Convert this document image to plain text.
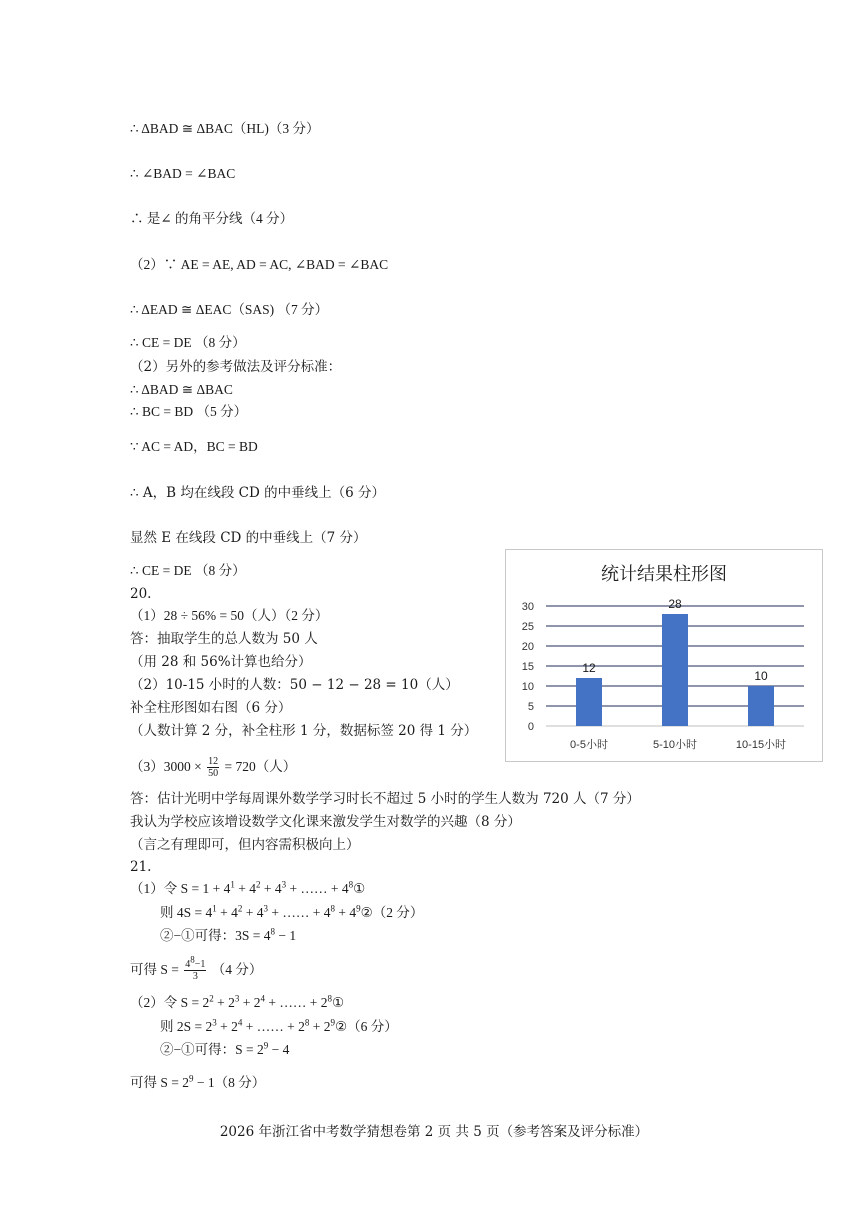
∴ ΔBAD ≅ ΔBAC（HL)（3 分）
∴ ∠BAD = ∠BAC
∴ 是∠ 的角平分线（4 分）
（2）∵ AE = AE, AD = AC, ∠BAD = ∠BAC
∴ ΔEAD ≅ ΔEAC（SAS) （7 分）
∴ CE = DE （8 分）
（2）另外的参考做法及评分标准：
∴ ΔBAD ≅ ΔBAC
∴ BC = BD （5 分）
∵ AC = AD，BC = BD
∴ A，B 均在线段 CD 的中垂线上（6 分）
显然 E 在线段 CD 的中垂线上（7 分）
∴ CE = DE （8 分）
20.
（1）28 ÷ 56% = 50（人）（2 分）
答：抽取学生的总人数为 50 人
（用 28 和 56%计算也给分）
（2）10-15 小时的人数：50 − 12 − 28 = 10（人）
补全柱形图如右图（6 分）
（人数计算 2 分，补全柱形 1 分，数据标签 20 得 1 分）
$(3)3000 \times \frac{12}{50} = 720$（人）
答：估计光明中学每周课外数学学习时长不超过 5 小时的学生人数为 720 人（7 分）
我认为学校应该增设数学文化课来激发学生对数学的兴趣（8 分）
（言之有理即可，但内容需积极向上）
21.
（1）令 $S = 1 + 4^1 + 4^2 + 4^3$ + …… + $4^8①$
则 $4S = 4^1 + 4^2 + 4^3$ + …… + $4^8$ + $4^9②(2$ 分）
②−①可得：$3S = 4^8 - 1$
可得 $S = \frac{4^8-1}{3} (4$ 分）
（2）令 $S = 2^2 + 2^3 + 2^4$ + …… + $2^8①$
则 $2S = 2^3 + 2^4$ + …… + $2^8$ + $2^9②(6$ 分）
②−①可得：$S = 2^9 - 4$
可得 $S = 2^9 - 1(8$ 分）
统计结果柱形图
0
5
10
15
20
25
30
12
0-5小时
28
5-10小时
10
10-15小时
2026 年浙江省中考数学猜想卷第 2 页 共 5 页（参考答案及评分标准）
